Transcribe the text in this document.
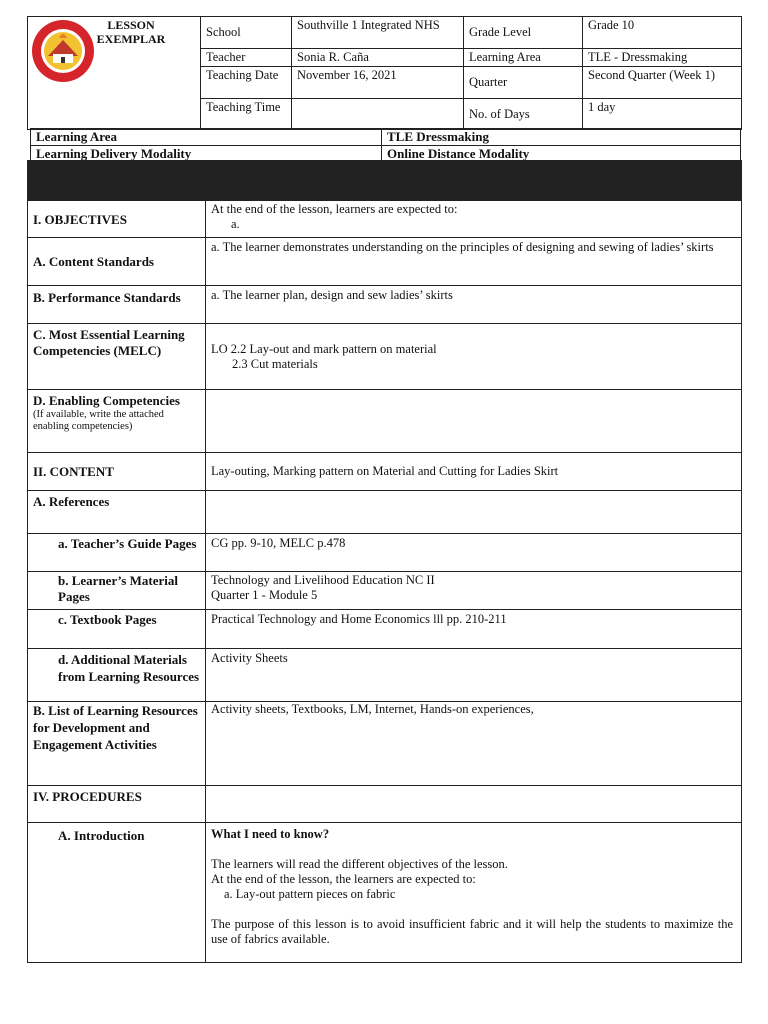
LESSON
EXEMPLAR	School	Southville 1 Integrated NHS	Grade Level	Grade 10
	Teacher	Sonia R. Caña	Learning Area	TLE - Dressmaking
	Teaching Date	November 16, 2021	Quarter	Second Quarter (Week 1)
	Teaching Time		No. of Days	1 day
Learning Area	TLE Dressmaking
Learning Delivery Modality	Online Distance Modality

I. OBJECTIVES	At the end of the lesson, learners are expected to:
a.

A. Content Standards	a. The learner demonstrates understanding on the principles of designing and sewing of ladies’ skirts
B. Performance Standards	a. The learner plan, design and sew ladies’ skirts
C. Most Essential Learning Competencies (MELC)	LO 2.2 Lay-out and mark pattern on material
2.3 Cut materials

D. Enabling Competencies
(If available, write the attached enabling competencies)	

II. CONTENT	Lay-outing, Marking pattern on Material and Cutting for Ladies Skirt
A. References	
a. Teacher’s Guide Pages	CG pp. 9-10, MELC p.478
b. Learner’s Material Pages	Technology and Livelihood Education NC II
Quarter 1 - Module 5

c. Textbook Pages	Practical Technology and Home Economics lll pp. 210-211
d. Additional Materials from Learning Resources	Activity Sheets
B. List of Learning Resources for Development and Engagement Activities	Activity sheets, Textbooks, LM, Internet, Hands-on experiences,
IV. PROCEDURES	
A. Introduction	What I need to know?
The learners will read the different objectives of the lesson.
At the end of the lesson, the learners are expected to:
a. Lay-out pattern pieces on fabric
The purpose of this lesson is to avoid insufficient fabric and it will help the students to maximize the use of fabrics available.
